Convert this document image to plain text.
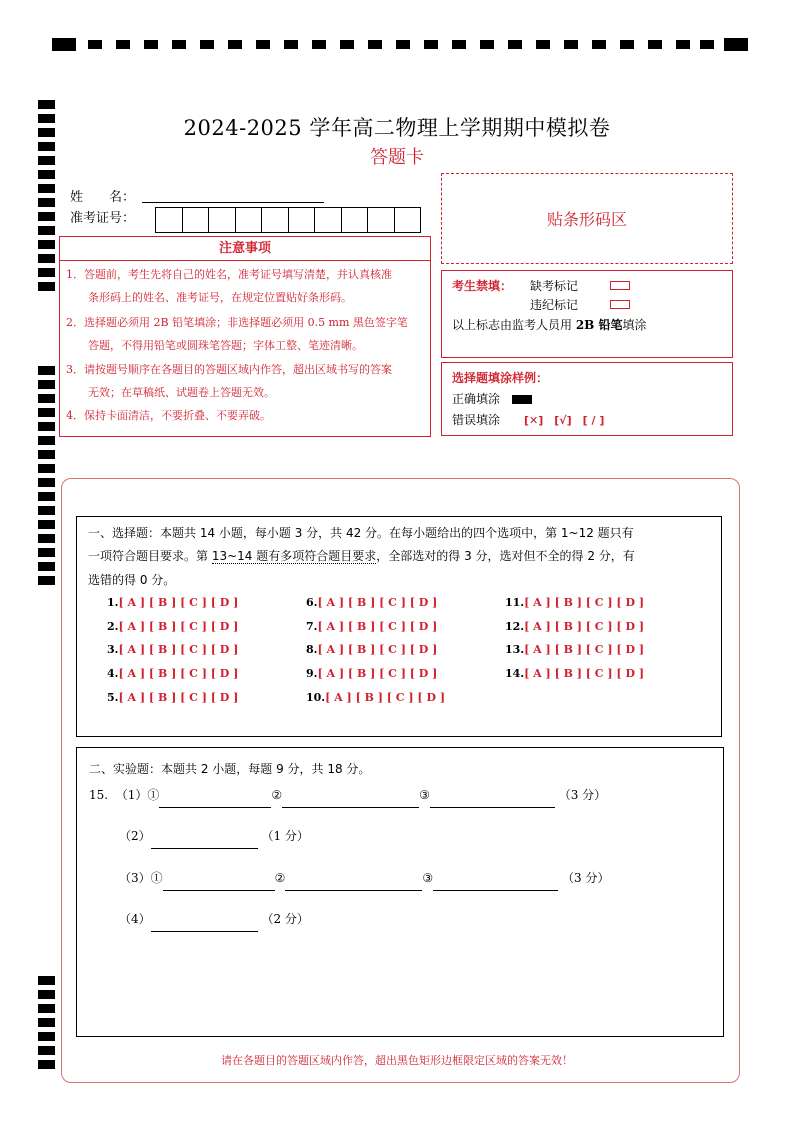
2024-2025 学年高二物理上学期期中模拟卷
答题卡
姓　　名：
准考证号：	贴条形码区
注意事项
1．答题前，考生先将自己的姓名，准考证号填写清楚，并认真核准
　　条形码上的姓名、准考证号，在规定位置贴好条形码。
2．选择题必须用 2B 铅笔填涂；非选择题必须用 0.5 mm 黑色签字笔
　　答题，不得用铅笔或圆珠笔答题；字体工整、笔迹清晰。
3．请按题号顺序在各题目的答题区域内作答，超出区域书写的答案
　　无效；在草稿纸、试题卷上答题无效。
4．保持卡面清洁，不要折叠、不要弄破。
考生禁填： 缺考标记
违纪标记
以上标志由监考人员用 2B 铅笔填涂
选择题填涂样例：
正确填涂
错误填涂 [✕]　[√]　[ / ]
一、选择题：本题共 14 小题，每小题 3 分，共 42 分。在每小题给出的四个选项中，第 1~12 题只有
一项符合题目要求。第 13~14 题有多项符合题目要求，全部选对的得 3 分，选对但不全的得 2 分，有
选错的得 0 分。
1.[ A ] [ B ] [ C ] [ D ]
2.[ A ] [ B ] [ C ] [ D ]
3.[ A ] [ B ] [ C ] [ D ]
4.[ A ] [ B ] [ C ] [ D ]
5.[ A ] [ B ] [ C ] [ D ]
6.[ A ] [ B ] [ C ] [ D ]
7.[ A ] [ B ] [ C ] [ D ]
8.[ A ] [ B ] [ C ] [ D ]
9.[ A ] [ B ] [ C ] [ D ]
10.[ A ] [ B ] [ C ] [ D ]
11.[ A ] [ B ] [ C ] [ D ]
12.[ A ] [ B ] [ C ] [ D ]
13.[ A ] [ B ] [ C ] [ D ]
14.[ A ] [ B ] [ C ] [ D ]
二、实验题：本题共 2 小题，每题 9 分，共 18 分。
15. （1）①	②	③	（3 分）
（2）	（1 分）
（3）①	②	③	（3 分）
（4）	（2 分）
请在各题目的答题区域内作答，超出黑色矩形边框限定区域的答案无效！
